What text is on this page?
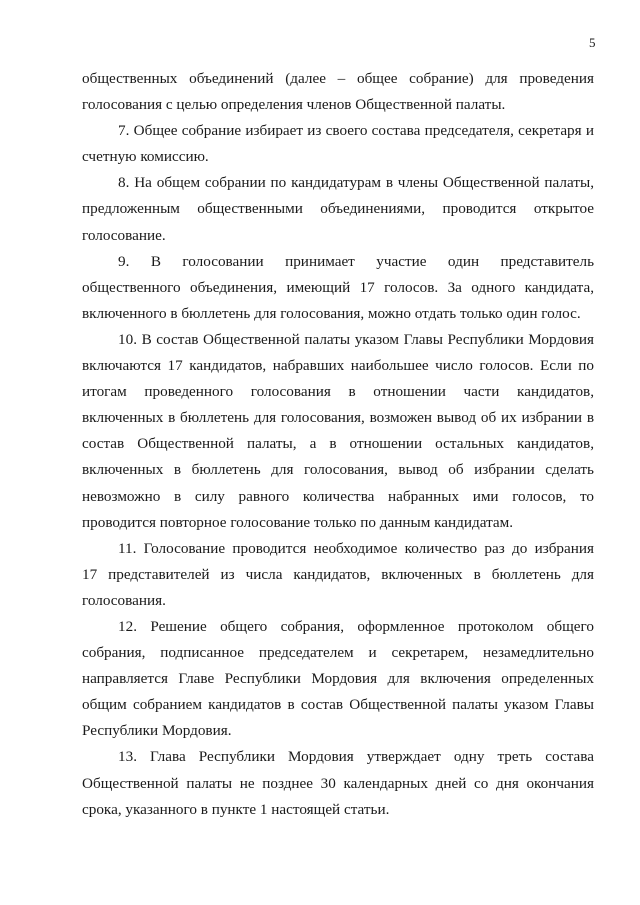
5
общественных объединений (далее – общее собрание) для проведения
голосования с целью определения членов Общественной палаты.
7. Общее собрание избирает из своего состава председателя, секретаря и
счетную комиссию.
8. На общем собрании по кандидатурам в члены Общественной палаты,
предложенным общественными объединениями, проводится открытое
голосование.
9. В голосовании принимает участие один представитель
общественного объединения, имеющий 17 голосов. За одного кандидата,
включенного в бюллетень для голосования, можно отдать только один голос.
10. В состав Общественной палаты указом Главы Республики Мордовия
включаются 17 кандидатов, набравших наибольшее число голосов. Если по
итогам проведенного голосования в отношении части кандидатов,
включенных в бюллетень для голосования, возможен вывод об их избрании в
состав Общественной палаты, а в отношении остальных кандидатов,
включенных в бюллетень для голосования, вывод об избрании сделать
невозможно в силу равного количества набранных ими голосов, то
проводится повторное голосование только по данным кандидатам.
11. Голосование проводится необходимое количество раз до избрания
17 представителей из числа кандидатов, включенных в бюллетень для
голосования.
12. Решение общего собрания, оформленное протоколом общего
собрания, подписанное председателем и секретарем, незамедлительно
направляется Главе Республики Мордовия для включения определенных
общим собранием кандидатов в состав Общественной палаты указом Главы
Республики Мордовия.
13. Глава Республики Мордовия утверждает одну треть состава
Общественной палаты не позднее 30 календарных дней со дня окончания
срока, указанного в пункте 1 настоящей статьи.
